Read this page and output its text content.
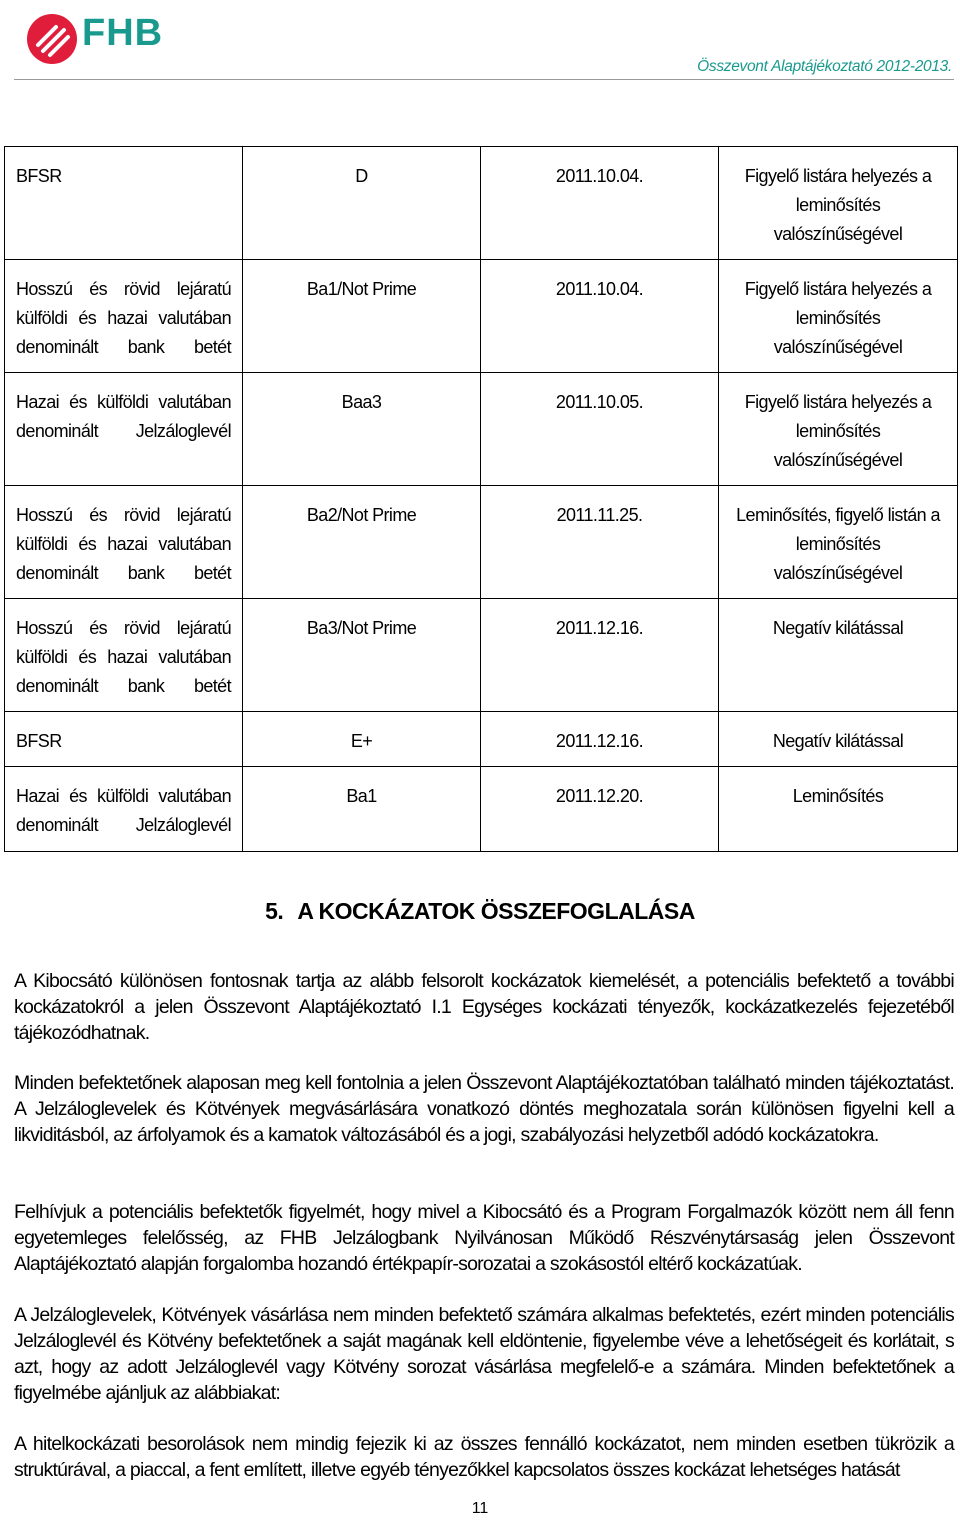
FHB
Összevont Alaptájékoztató 2012-2013.
BFSR	D	2011.10.04.	Figyelő listára helyezés a leminősítés valószínűségével
Hosszú és rövid lejáratú külföldi és hazai valutában denominált bank betét	Ba1/Not Prime	2011.10.04.	Figyelő listára helyezés a leminősítés valószínűségével
Hazai és külföldi valutában denominált Jelzáloglevél	Baa3	2011.10.05.	Figyelő listára helyezés a leminősítés valószínűségével
Hosszú és rövid lejáratú külföldi és hazai valutában denominált bank betét	Ba2/Not Prime	2011.11.25.	Leminősítés, figyelő listán a leminősítés valószínűségével
Hosszú és rövid lejáratú külföldi és hazai valutában denominált bank betét	Ba3/Not Prime	2011.12.16.	Negatív kilátással
BFSR	E+	2011.12.16.	Negatív kilátással
Hazai és külföldi valutában denominált Jelzáloglevél	Ba1	2011.12.20.	Leminősítés
5. A KOCKÁZATOK ÖSSZEFOGLALÁSA
A Kibocsátó különösen fontosnak tartja az alább felsorolt kockázatok kiemelését, a potenciális befektető a további kockázatokról a jelen Összevont Alaptájékoztató I.1 Egységes kockázati tényezők, kockázatkezelés fejezetéből tájékozódhatnak.
Minden befektetőnek alaposan meg kell fontolnia a jelen Összevont Alaptájékoztatóban található minden tájékoztatást. A Jelzáloglevelek és Kötvények megvásárlására vonatkozó döntés meghozatala során különösen figyelni kell a likviditásból, az árfolyamok és a kamatok változásából és a jogi, szabályozási helyzetből adódó kockázatokra.
Felhívjuk a potenciális befektetők figyelmét, hogy mivel a Kibocsátó és a Program Forgalmazók között nem áll fenn egyetemleges felelősség, az FHB Jelzálogbank Nyilvánosan Működő Részvénytársaság jelen Összevont Alaptájékoztató alapján forgalomba hozandó értékpapír-sorozatai a szokásostól eltérő kockázatúak.
A Jelzáloglevelek, Kötvények vásárlása nem minden befektető számára alkalmas befektetés, ezért minden potenciális Jelzáloglevél és Kötvény befektetőnek a saját magának kell eldöntenie, figyelembe véve a lehetőségeit és korlátait, s azt, hogy az adott Jelzáloglevél vagy Kötvény sorozat vásárlása megfelelő-e a számára. Minden befektetőnek a figyelmébe ajánljuk az alábbiakat:
A hitelkockázati besorolások nem mindig fejezik ki az összes fennálló kockázatot, nem minden esetben tükrözik a struktúrával, a piaccal, a fent említett, illetve egyéb tényezőkkel kapcsolatos összes kockázat lehetséges hatását
11
